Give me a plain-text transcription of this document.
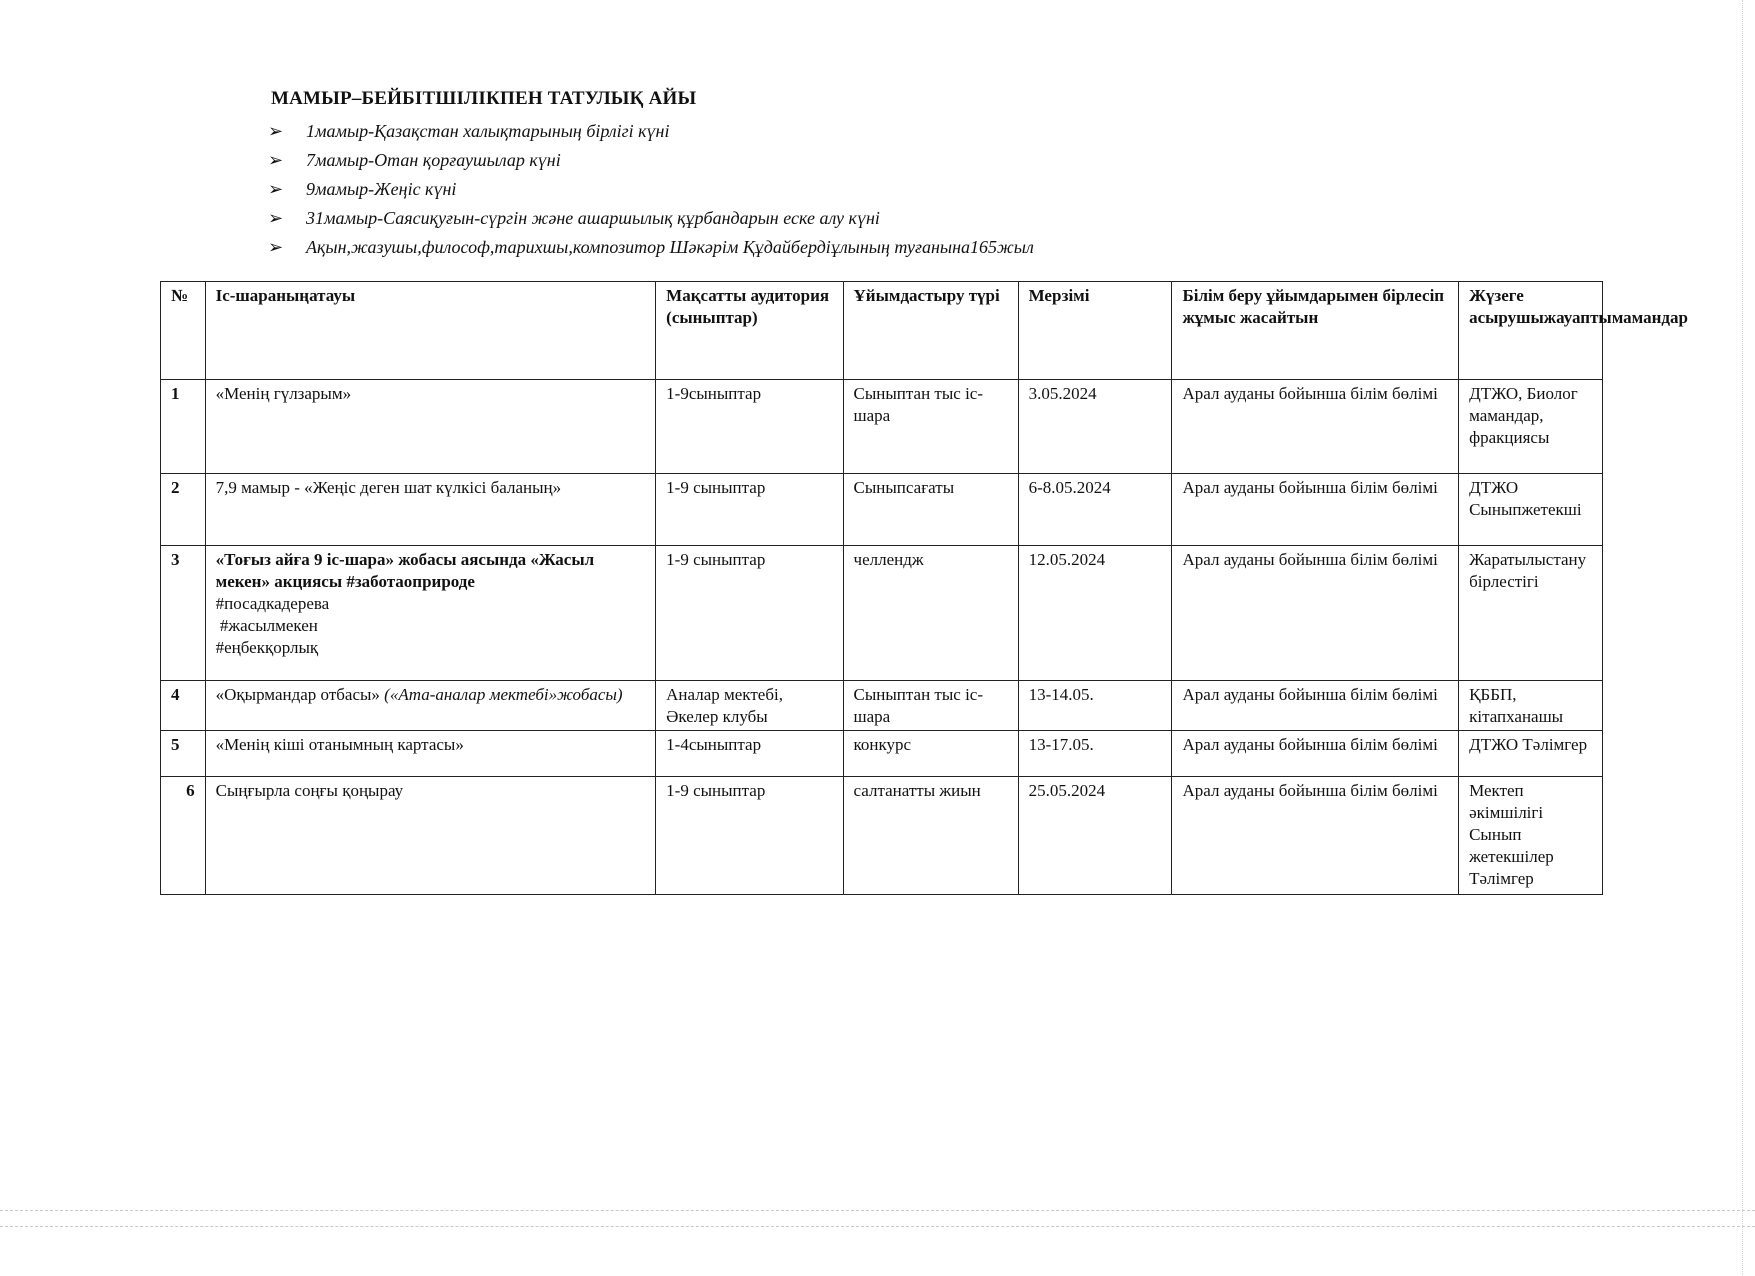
МАМЫР–БЕЙБІТШІЛІКПЕН ТАТУЛЫҚ АЙЫ
➢	1мамыр-Қазақстан халықтарының бірлігі күні
➢	7мамыр-Отан қорғаушылар күні
➢	9мамыр-Жеңіс күні
➢	31мамыр-Саясиқуғын-сүргін және ашаршылық құрбандарын еске алу күні
➢	Ақын,жазушы,философ,тарихшы,композитор Шәкәрім Құдайбердіұлының туғанына165жыл
№	Іс-шараныңатауы	Мақсатты аудитория (сыныптар)	Ұйымдастыру түрі	Мерзімі	Білім беру ұйымдарымен бірлесіп жұмыс жасайтын	Жүзеге асырушыжауаптымамандар
1	«Менің гүлзарым»	1-9сыныптар	Сыныптан тыс іс-шара	3.05.2024	Арал ауданы бойынша білім бөлімі	ДТЖО, Биолог мамандар, фракциясы
2	7,9 мамыр - «Жеңіс деген шат күлкісі баланың»	1-9 сыныптар	Сыныпсағаты	6-8.05.2024	Арал ауданы бойынша білім бөлімі	ДТЖО Сыныпжетекші
3	«Тоғыз айға 9 іс-шара» жобасы аясында «Жасыл мекен» акциясы #заботаоприроде
#посадкадерева
#жасылмекен
#еңбекқорлық	1-9 сыныптар	челлендж	12.05.2024	Арал ауданы бойынша білім бөлімі	Жаратылыстану бірлестігі
4	«Оқырмандар отбасы» («Ата-аналар мектебі»жобасы)	Аналар мектебі, Әкелер клубы	Сыныптан тыс іс-шара	13-14.05.	Арал ауданы бойынша білім бөлімі	ҚББП, кітапханашы
5	«Менің кіші отанымның картасы»	1-4сыныптар	конкурс	13-17.05.	Арал ауданы бойынша білім бөлімі	ДТЖО Тәлімгер
6	Сыңғырла соңғы қоңырау	1-9 сыныптар	салтанатты жиын	25.05.2024	Арал ауданы бойынша білім бөлімі	Мектеп әкімшілігі Сынып жетекшілер Тәлімгер
